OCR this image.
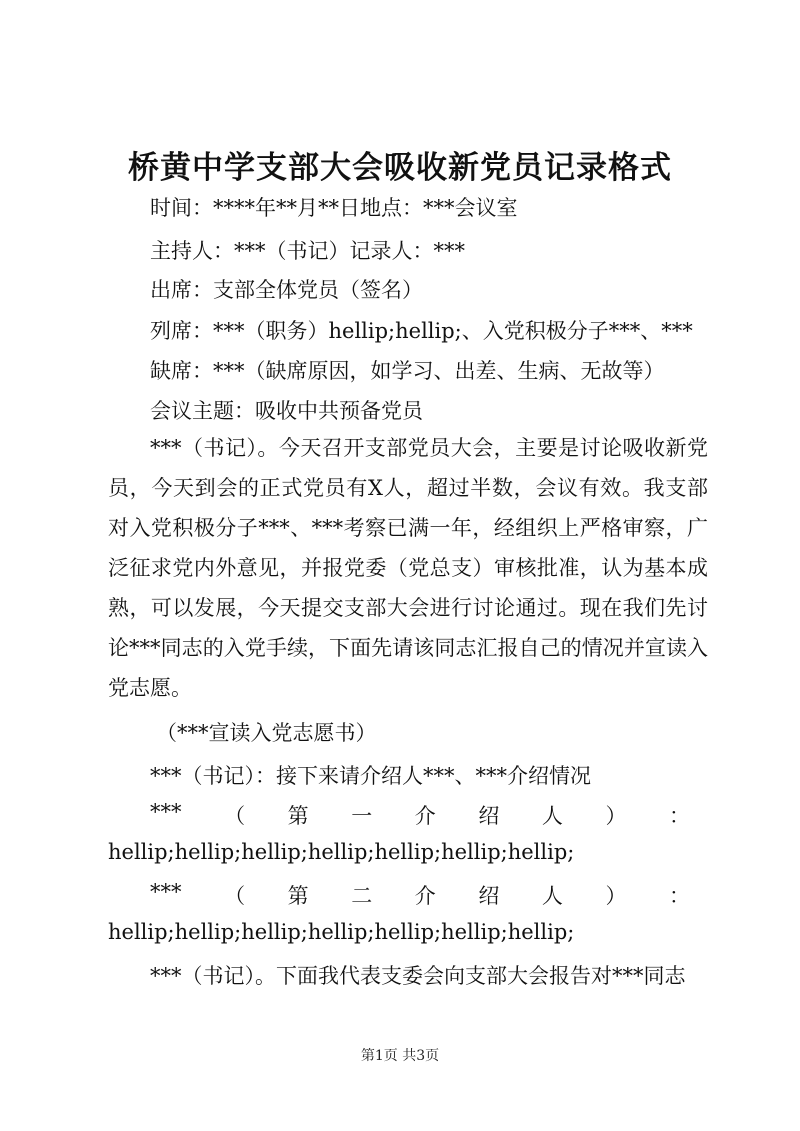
桥黄中学支部大会吸收新党员记录格式
时间：****年**月**日地点：***会议室
主持人：***（书记）记录人：***
出席：支部全体党员（签名）
列席：***（职务）hellip;hellip;、入党积极分子***、***
缺席：***（缺席原因，如学习、出差、生病、无故等）
会议主题：吸收中共预备党员
***（书记）。今天召开支部党员大会，主要是讨论吸收新党员，今天到会的正式党员有X人，超过半数，会议有效。我支部对入党积极分子***、***考察已满一年，经组织上严格审察，广泛征求党内外意见，并报党委（党总支）审核批准，认为基本成熟，可以发展，今天提交支部大会进行讨论通过。现在我们先讨论***同志的入党手续，下面先请该同志汇报自己的情况并宣读入党志愿。
（***宣读入党志愿书）
***（书记）：接下来请介绍人***、***介绍情况
*** （ 第 一 介 绍 人 ） ：
hellip;hellip;hellip;hellip;hellip;hellip;hellip;
*** （ 第 二 介 绍 人 ） ：
hellip;hellip;hellip;hellip;hellip;hellip;hellip;
***（书记）。下面我代表支委会向支部大会报告对***同志
第1页 共3页
